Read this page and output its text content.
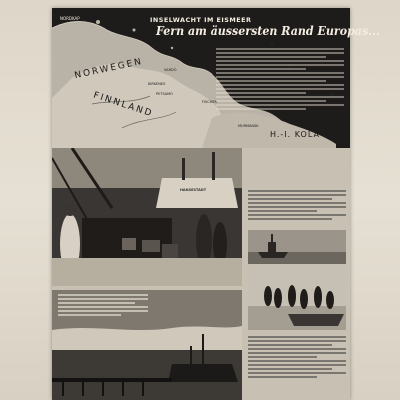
NORDKAP
NORWEGEN
FINNLAND
VARDÖ
PETSAMO
KIRKENES
FISCHER
MURMANSK
H.-I. KOLA
INSELWACHT IM EISMEER
Fern am äussersten Rand Europas...
HANSESTADT
